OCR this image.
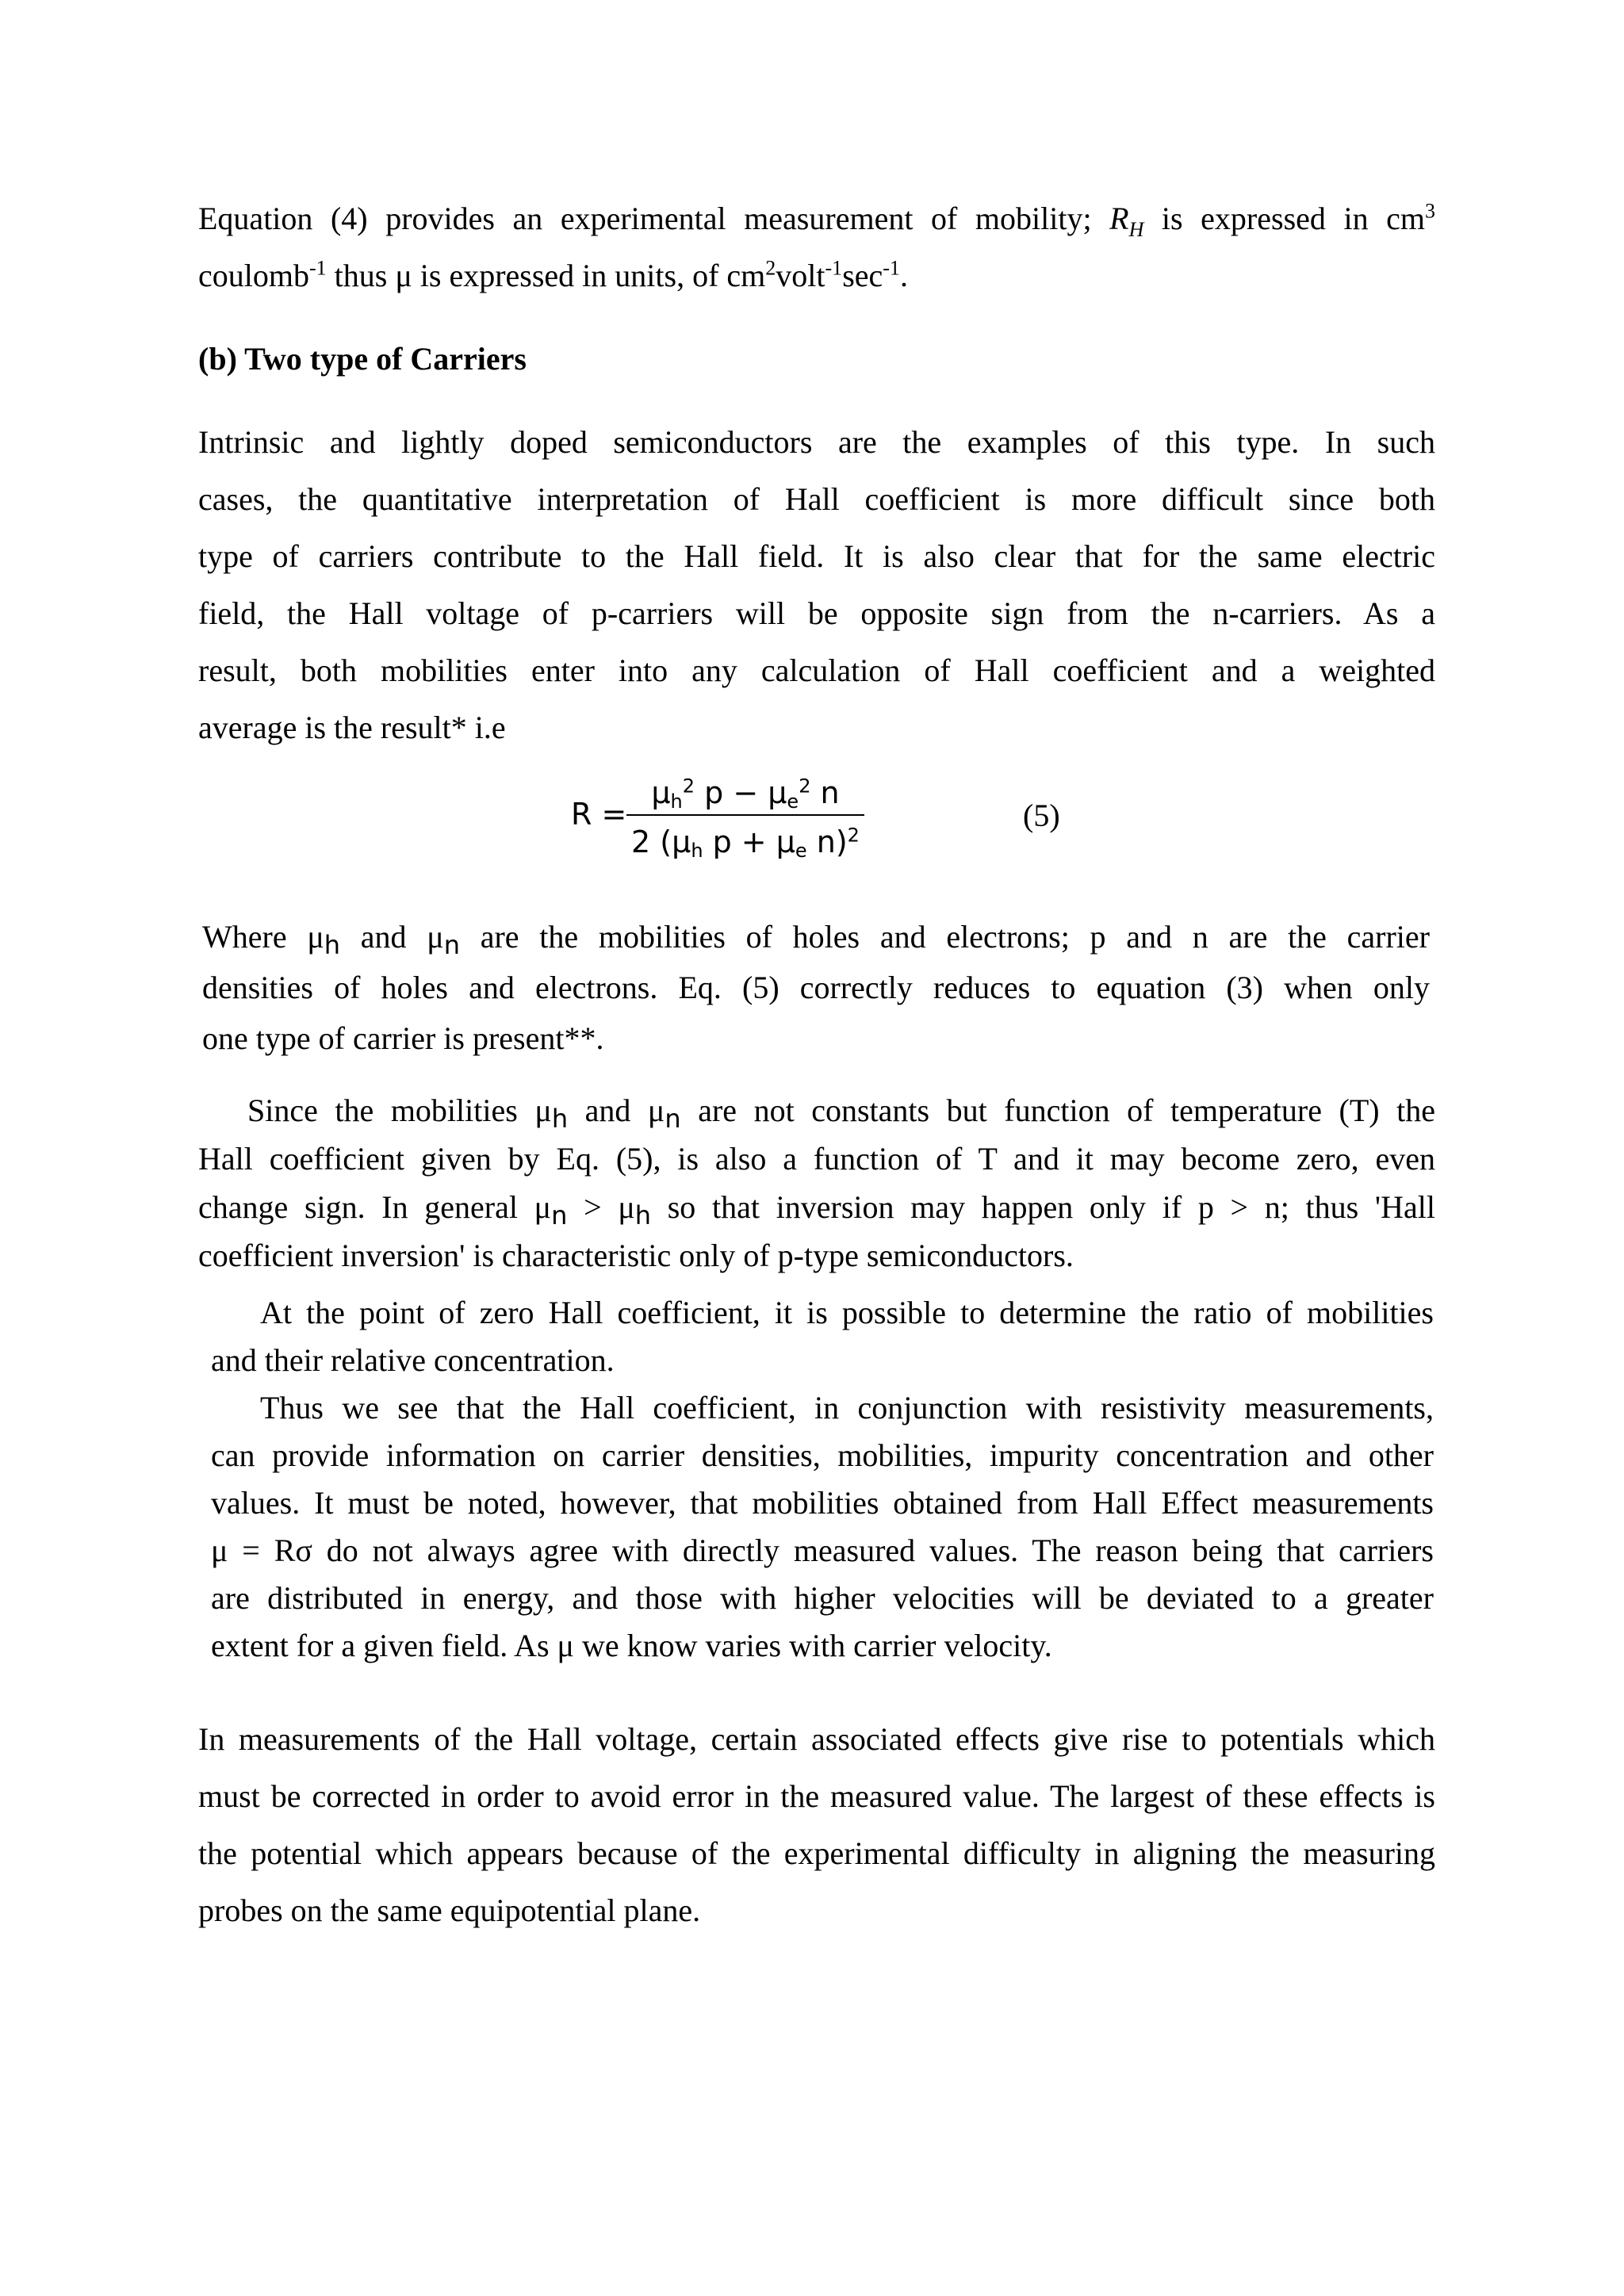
Equation (4) provides an experimental measurement of mobility; $R_H$ is expressed in $cm^3$
coulomb$^{-1}$ thus μ is expressed in units, of $cm^2volt^{-1}\sec^{-1}$.
(b) Two type of Carriers
Intrinsic and lightly doped semiconductors are the examples of this type. In such
cases, the quantitative interpretation of Hall coefficient is more difficult since both
type of carriers contribute to the Hall field. It is also clear that for the same electric
field, the Hall voltage of p-carriers will be opposite sign from the n-carriers. As a
result, both mobilities enter into any calculation of Hall coefficient and a weighted
average is the result* i.e
R =
$\mu_h^2$ $p - \mu_e^2$ n
2 ($\mu_h$ $p + \mu_e$ n)$^2$
(5)
Where $\mu_h$ and $\mu_n$ are the mobilities of holes and electrons; p and n are the carrier
densities of holes and electrons. Eq. (5) correctly reduces to equation (3) when only
one type of carrier is present**.
Since the mobilities $\mu_h$ and $\mu_n$ are not constants but function of temperature (T) the
Hall coefficient given by Eq. (5), is also a function of T and it may become zero, even
change sign. In general $\mu_n > \mu_h$ so that inversion may happen only if p > n; thus 'Hall
coefficient inversion' is characteristic only of p-type semiconductors.
At the point of zero Hall coefficient, it is possible to determine the ratio of mobilities
and their relative concentration.
Thus we see that the Hall coefficient, in conjunction with resistivity measurements,
can provide information on carrier densities, mobilities, impurity concentration and other
values. It must be noted, however, that mobilities obtained from Hall Effect measurements
μ = Rσ do not always agree with directly measured values. The reason being that carriers
are distributed in energy, and those with higher velocities will be deviated to a greater
extent for a given field. As μ we know varies with carrier velocity.
In measurements of the Hall voltage, certain associated effects give rise to potentials which
must be corrected in order to avoid error in the measured value. The largest of these effects is
the potential which appears because of the experimental difficulty in aligning the measuring
probes on the same equipotential plane.
